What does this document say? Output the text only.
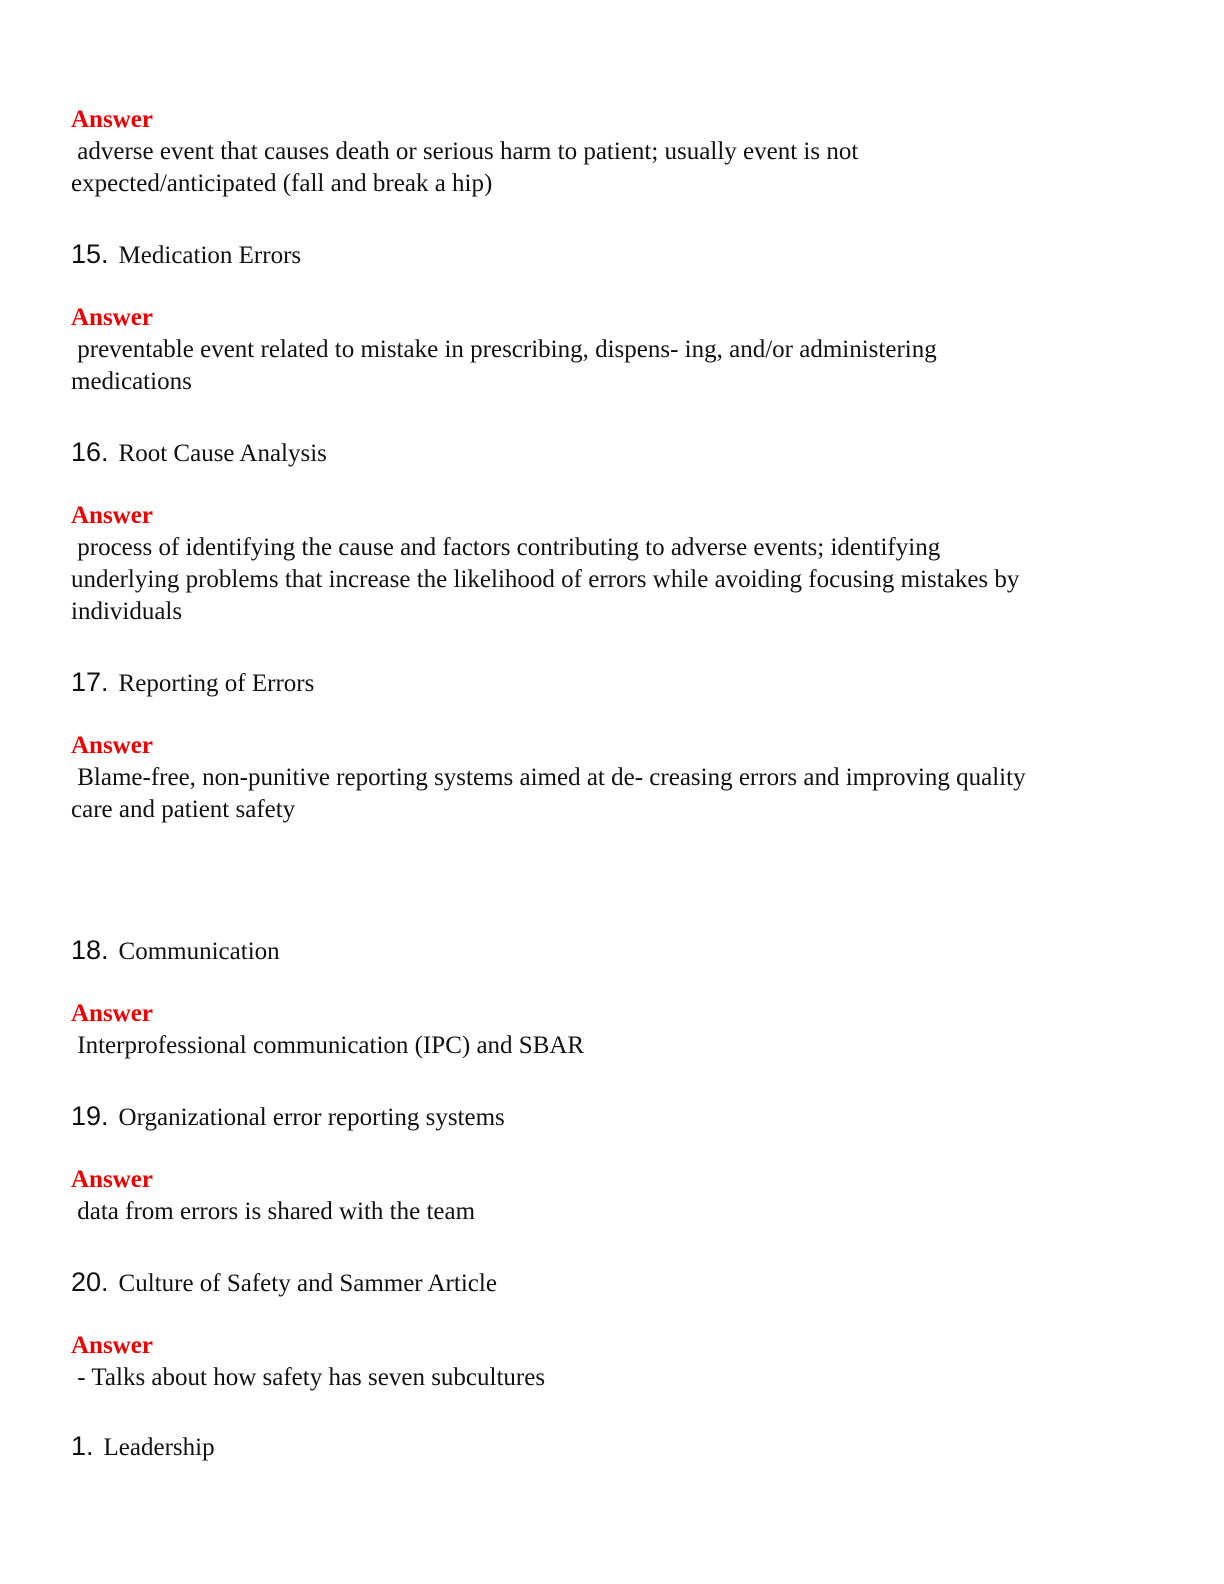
Answer
adverse event that causes death or serious harm to patient; usually event is not
expected/anticipated (fall and break a hip)
15. Medication Errors
Answer
preventable event related to mistake in prescribing, dispens- ing, and/or administering
medications
16. Root Cause Analysis
Answer
process of identifying the cause and factors contributing to adverse events; identifying
underlying problems that increase the likelihood of errors while avoiding focusing mistakes by
individuals
17. Reporting of Errors
Answer
Blame-free, non-punitive reporting systems aimed at de- creasing errors and improving quality
care and patient safety
18. Communication
Answer
Interprofessional communication (IPC) and SBAR
19. Organizational error reporting systems
Answer
data from errors is shared with the team
20. Culture of Safety and Sammer Article
Answer
- Talks about how safety has seven subcultures
1. Leadership
